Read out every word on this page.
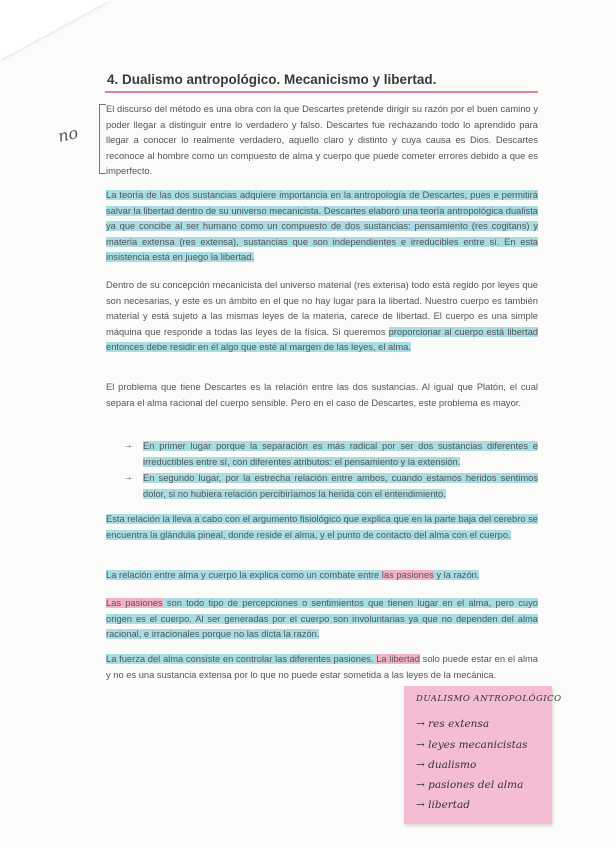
4. Dualismo antropológico. Mecanicismo y libertad.
no

El discurso del método es una obra con la que Descartes pretende dirigir su razón por el buen camino y poder llegar a distinguir entre lo verdadero y falso. Descartes fue rechazando todo lo aprendido para llegar a conocer lo realmente verdadero, aquello claro y distinto y cuya causa es Dios. Descartes reconoce al hombre como un compuesto de alma y cuerpo que puede cometer errores debido a que es imperfecto.

La teoría de las dos sustancias adquiere importancia en la antropología de Descartes, pues e permitirá salvar la libertad dentro de su universo mecanicista. Descartes elaboró una teoría antropológica dualista ya que concibe al ser humano como un compuesto de dos sustancias: pensamiento (res cogitans) y materia extensa (res extensa), sustancias que son independientes e irreducibles entre sí. En esta insistencia está en juego la libertad.

Dentro de su concepción mecanicista del universo material (res extensa) todo está regido por leyes que son necesarias, y este es un ámbito en el que no hay lugar para la libertad. Nuestro cuerpo es también material y está sujeto a las mismas leyes de la materia, carece de libertad. El cuerpo es una simple máquina que responde a todas las leyes de la física. Si queremos proporcionar al cuerpo está libertad entonces debe residir en él algo que esté al margen de las leyes, el alma.

El problema que tiene Descartes es la relación entre las dos sustancias. Al igual que Platón, el cual separa el alma racional del cuerpo sensible. Pero en el caso de Descartes, este problema es mayor.

→ En primer lugar porque la separación es más radical por ser dos sustancias diferentes e irreductibles entre sí, con diferentes atributos: el pensamiento y la extensión.

→ En segundo lugar, por la estrecha relación entre ambos, cuando estamos heridos sentimos dolor, si no hubiera relación percibiríamos la herida con el entendimiento.

Esta relación la lleva a cabo con el argumento fisiológico que explica que en la parte baja del cerebro se encuentra la glándula pineal, donde reside el alma, y el punto de contacto del alma con el cuerpo.

La relación entre alma y cuerpo la explica como un combate entre las pasiones y la razón.

Las pasiones son todo tipo de percepciones o sentimientos que tienen lugar en el alma, pero cuyo origen es el cuerpo. Al ser generadas por el cuerpo son involuntarias ya que no dependen del alma racional, e irracionales porque no las dicta la razón.

La fuerza del alma consiste en controlar las diferentes pasiones. La libertad solo puede estar en el alma y no es una sustancia extensa por lo que no puede estar sometida a las leyes de la mecánica.

DUALISMO ANTROPOLÓGICO
→ res extensa
→ leyes mecanicistas
→ dualismo
→ pasiones del alma
→ libertad
